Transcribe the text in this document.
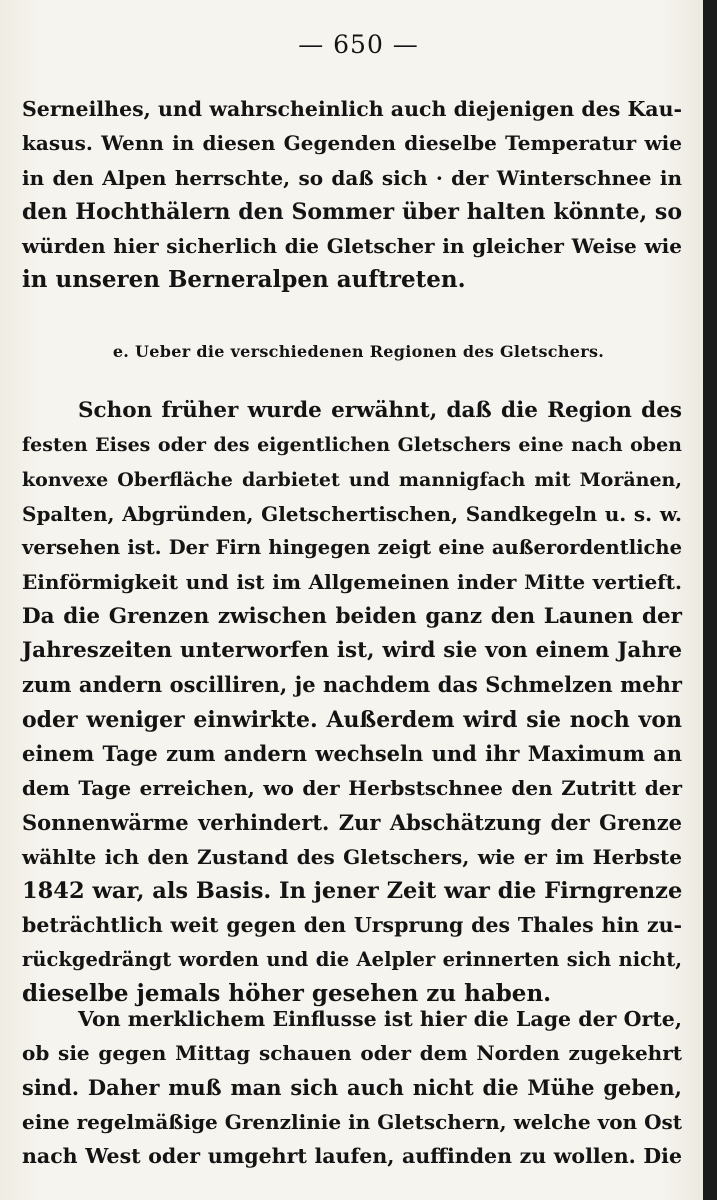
— 650 —
Serneilhes, und wahrscheinlich auch diejenigen des Kau-
kasus. Wenn in diesen Gegenden dieselbe Temperatur wie
in den Alpen herrschte, so daß sich · der Winterschnee in
den Hochthälern den Sommer über halten könnte, so
würden hier sicherlich die Gletscher in gleicher Weise wie
in unseren Berneralpen auftreten.
e. Ueber die verschiedenen Regionen des Gletschers.
Schon früher wurde erwähnt, daß die Region des
festen Eises oder des eigentlichen Gletschers eine nach oben
konvexe Oberfläche darbietet und mannigfach mit Moränen,
Spalten, Abgründen, Gletschertischen, Sandkegeln u. s. w.
versehen ist. Der Firn hingegen zeigt eine außerordentliche
Einförmigkeit und ist im Allgemeinen inder Mitte vertieft.
Da die Grenzen zwischen beiden ganz den Launen der
Jahreszeiten unterworfen ist, wird sie von einem Jahre
zum andern oscilliren, je nachdem das Schmelzen mehr
oder weniger einwirkte. Außerdem wird sie noch von
einem Tage zum andern wechseln und ihr Maximum an
dem Tage erreichen, wo der Herbstschnee den Zutritt der
Sonnenwärme verhindert. Zur Abschätzung der Grenze
wählte ich den Zustand des Gletschers, wie er im Herbste
1842 war, als Basis. In jener Zeit war die Firngrenze
beträchtlich weit gegen den Ursprung des Thales hin zu-
rückgedrängt worden und die Aelpler erinnerten sich nicht,
dieselbe jemals höher gesehen zu haben.
Von merklichem Einflusse ist hier die Lage der Orte,
ob sie gegen Mittag schauen oder dem Norden zugekehrt
sind. Daher muß man sich auch nicht die Mühe geben,
eine regelmäßige Grenzlinie in Gletschern, welche von Ost
nach West oder umgehrt laufen, auffinden zu wollen. Die
